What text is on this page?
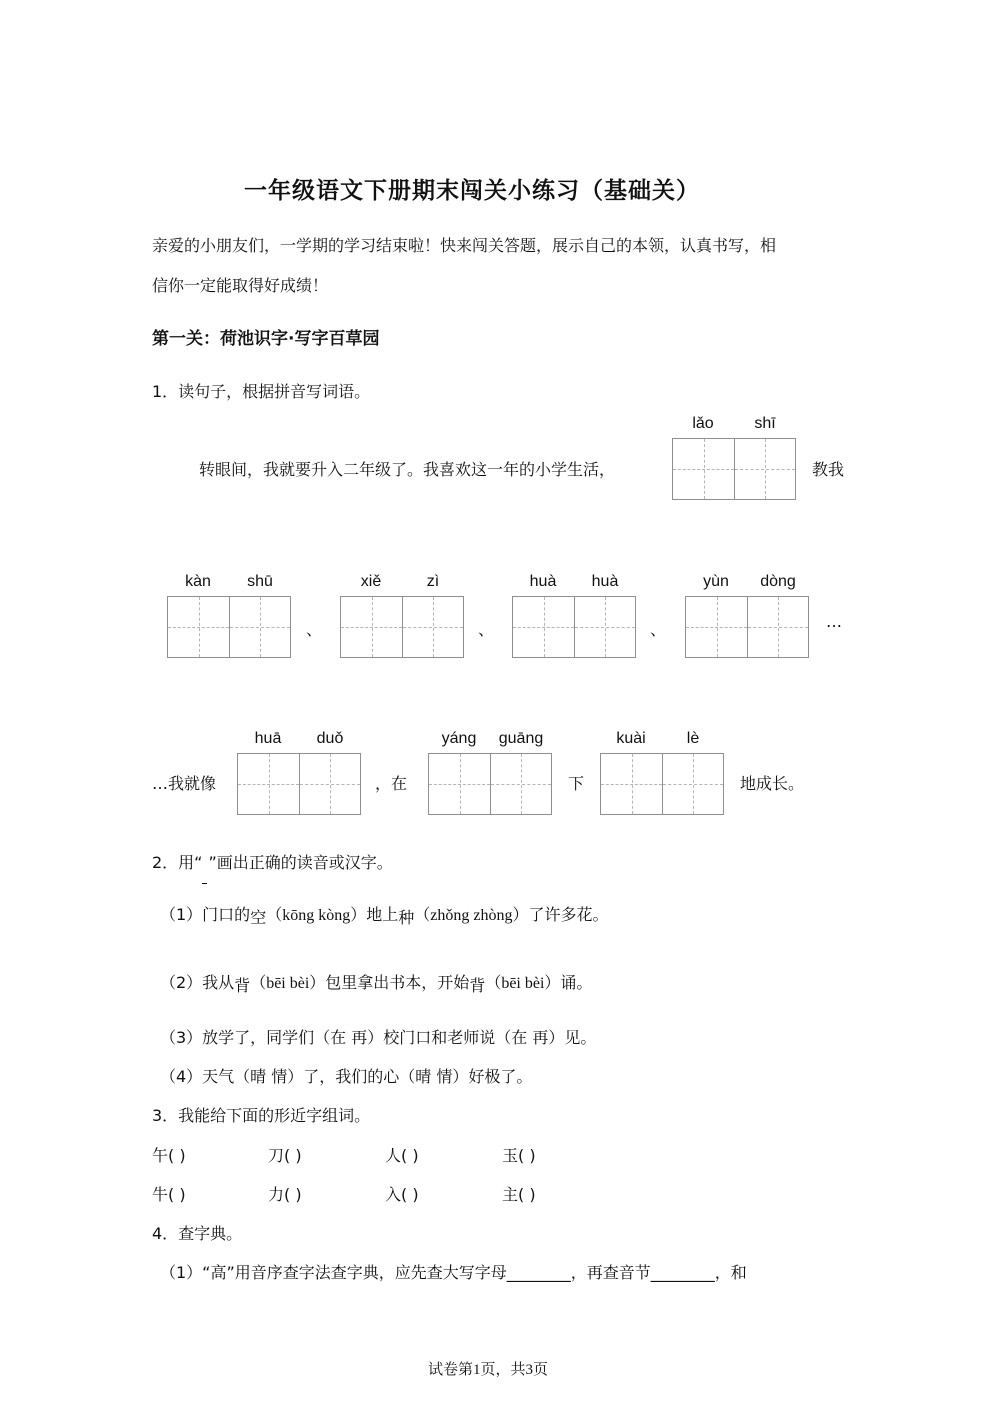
一年级语文下册期末闯关小练习（基础关）
亲爱的小朋友们，一学期的学习结束啦！快来闯关答题，展示自己的本领，认真书写，相
信你一定能取得好成绩！
第一关：荷池识字·写字百草园
1．读句子，根据拼音写词语。
转眼间，我就要升入二年级了。我喜欢这一年的小学生活，
lǎo	shī
教我
kàn	shū
、
xiě	zì
、
huà	huà
、
yùn	dòng
…
…我就像
huā	duǒ
，在
yáng	guāng
下
kuài	lè
地成长。
2．用“ ”画出正确的读音或汉字。
（1）门口的空（kōng kòng）地上种（zhǒng zhòng）了许多花。
（2）我从背（bēi bèi）包里拿出书本，开始背（bēi bèi）诵。
（3）放学了，同学们（在 再）校门口和老师说（在 再）见。
（4）天气（晴 情）了，我们的心（晴 情）好极了。
3．我能给下面的形近字组词。
午( )	刀( )	人( )	玉( )
牛( )	力( )	入( )	主( )
4．查字典。
（1）“高”用音序查字法查字典，应先查大写字母________，再查音节________，和
试卷第1页，共3页
